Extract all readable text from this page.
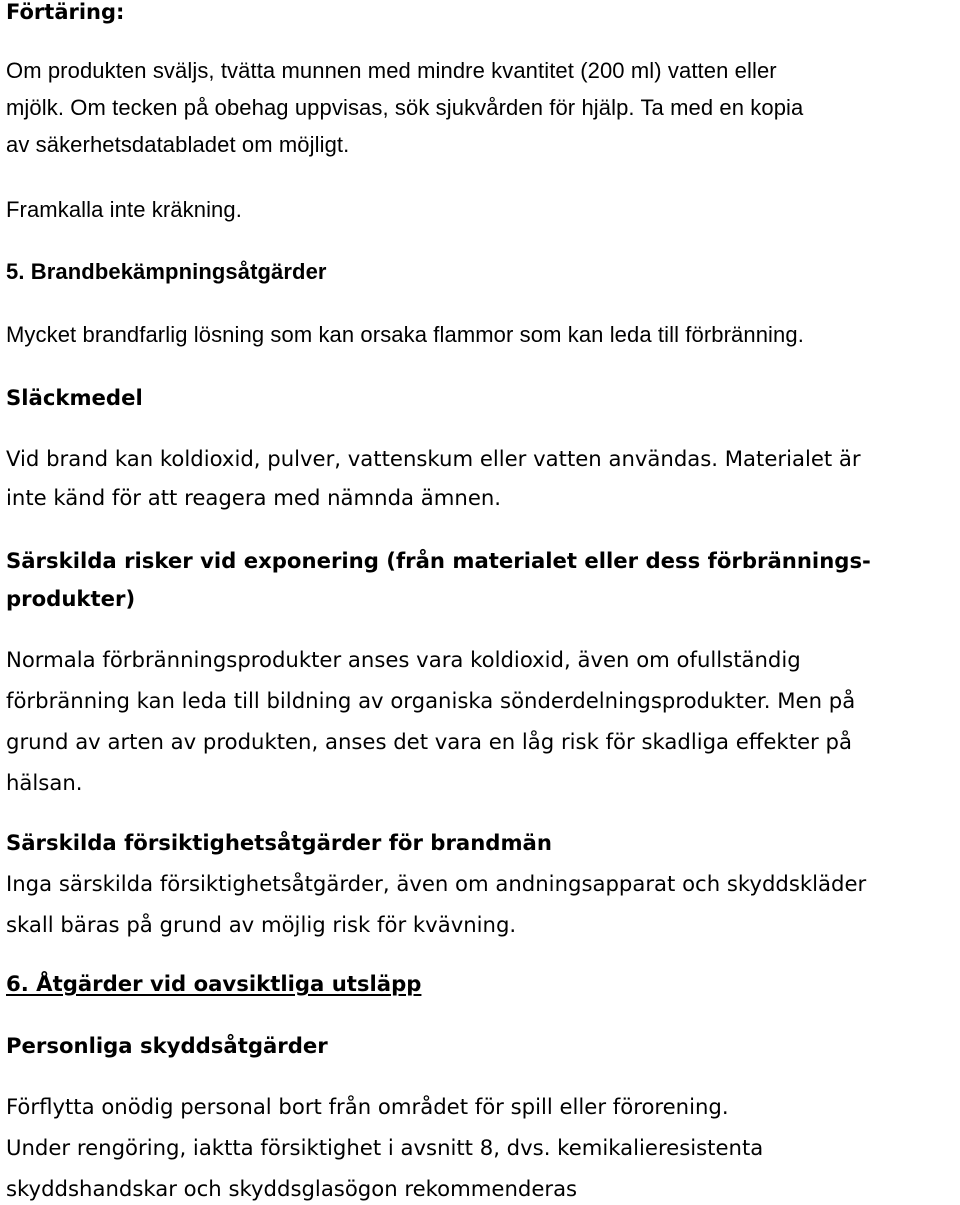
Förtäring:

Om produkten sväljs, tvätta munnen med mindre kvantitet (200 ml) vatten eller

mjölk. Om tecken på obehag uppvisas, sök sjukvården för hjälp. Ta med en kopia

av säkerhetsdatabladet om möjligt.

Framkalla inte kräkning.

5. Brandbekämpningsåtgärder

Mycket brandfarlig lösning som kan orsaka flammor som kan leda till förbränning.

Släckmedel

Vid brand kan koldioxid, pulver, vattenskum eller vatten användas. Materialet är

inte känd för att reagera med nämnda ämnen.

Särskilda risker vid exponering (från materialet eller dess förbrännings-

produkter)

Normala förbränningsprodukter anses vara koldioxid, även om ofullständig

förbränning kan leda till bildning av organiska sönderdelningsprodukter. Men på

grund av arten av produkten, anses det vara en låg risk för skadliga effekter på

hälsan.

Särskilda försiktighetsåtgärder för brandmän

Inga särskilda försiktighetsåtgärder, även om andningsapparat och skyddskläder

skall bäras på grund av möjlig risk för kvävning.

6. Åtgärder vid oavsiktliga utsläpp

Personliga skyddsåtgärder

Förflytta onödig personal bort från området för spill eller förorening.

Under rengöring, iaktta försiktighet i avsnitt 8, dvs. kemikalieresistenta

skyddshandskar och skyddsglasögon rekommenderas
